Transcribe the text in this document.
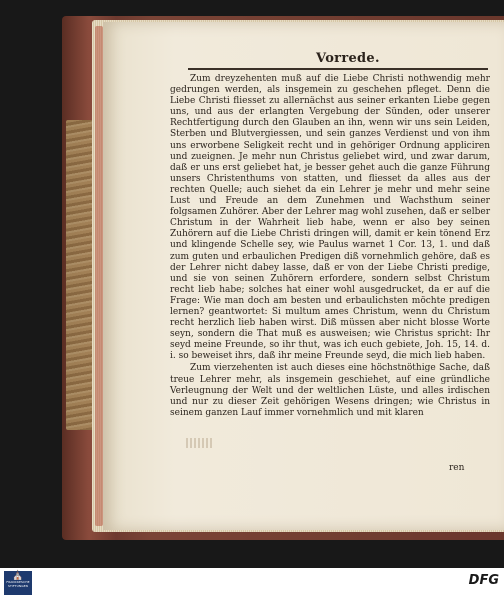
Vorrede.

Zum dreyzehenten muß auf die Liebe Christi nothwendig mehr gedrungen werden, als insgemein zu geschehen pfleget. Denn die Liebe Christi fliesset zu allernächst aus seiner erkanten Liebe gegen uns, und aus der erlangten Vergebung der Sünden, oder unserer Rechtfertigung durch den Glauben an ihn, wenn wir uns sein Leiden, Sterben und Blutvergiessen, und sein ganzes Verdienst und von ihm uns erworbene Seligkeit recht und in gehöriger Ordnung appliciren und zueignen. Je mehr nun Christus geliebet wird, und zwar darum, daß er uns erst geliebet hat, je besser gehet auch die ganze Führung unsers Christenthums von statten, und fliesset da alles aus der rechten Quelle; auch siehet da ein Lehrer je mehr und mehr seine Lust und Freude an dem Zunehmen und Wachsthum seiner folgsamen Zuhörer. Aber der Lehrer mag wohl zusehen, daß er selber Christum in der Wahrheit lieb habe, wenn er also bey seinen Zuhörern auf die Liebe Christi dringen will, damit er kein tönend Erz und klingende Schelle sey, wie Paulus warnet 1 Cor. 13, 1. und daß zum guten und erbaulichen Predigen diß vornehmlich gehöre, daß es der Lehrer nicht dabey lasse, daß er von der Liebe Christi predige, und sie von seinen Zuhörern erfordere, sondern selbst Christum recht lieb habe; solches hat einer wohl ausgedrucket, da er auf die Frage: Wie man doch am besten und erbaulichsten möchte predigen lernen? geantwortet: Si multum ames Christum, wenn du Christum recht herzlich lieb haben wirst. Diß müssen aber nicht blosse Worte seyn, sondern die That muß es ausweisen; wie Christus spricht: Ihr seyd meine Freunde, so ihr thut, was ich euch gebiete, Joh. 15, 14. d. i. so beweiset ihrs, daß ihr meine Freunde seyd, die mich lieb haben.

Zum vierzehenten ist auch dieses eine höchstnöthige Sache, daß treue Lehrer mehr, als insgemein geschiehet, auf eine gründliche Verleugnung der Welt und der weltlichen Lüste, und alles irdischen und nur zu dieser Zeit gehörigen Wesens dringen; wie Christus in seinem ganzen Lauf immer vornehmlich und mit klaren

ren
⛪
FRANCKESCHE
STIFTUNGEN	DFG
